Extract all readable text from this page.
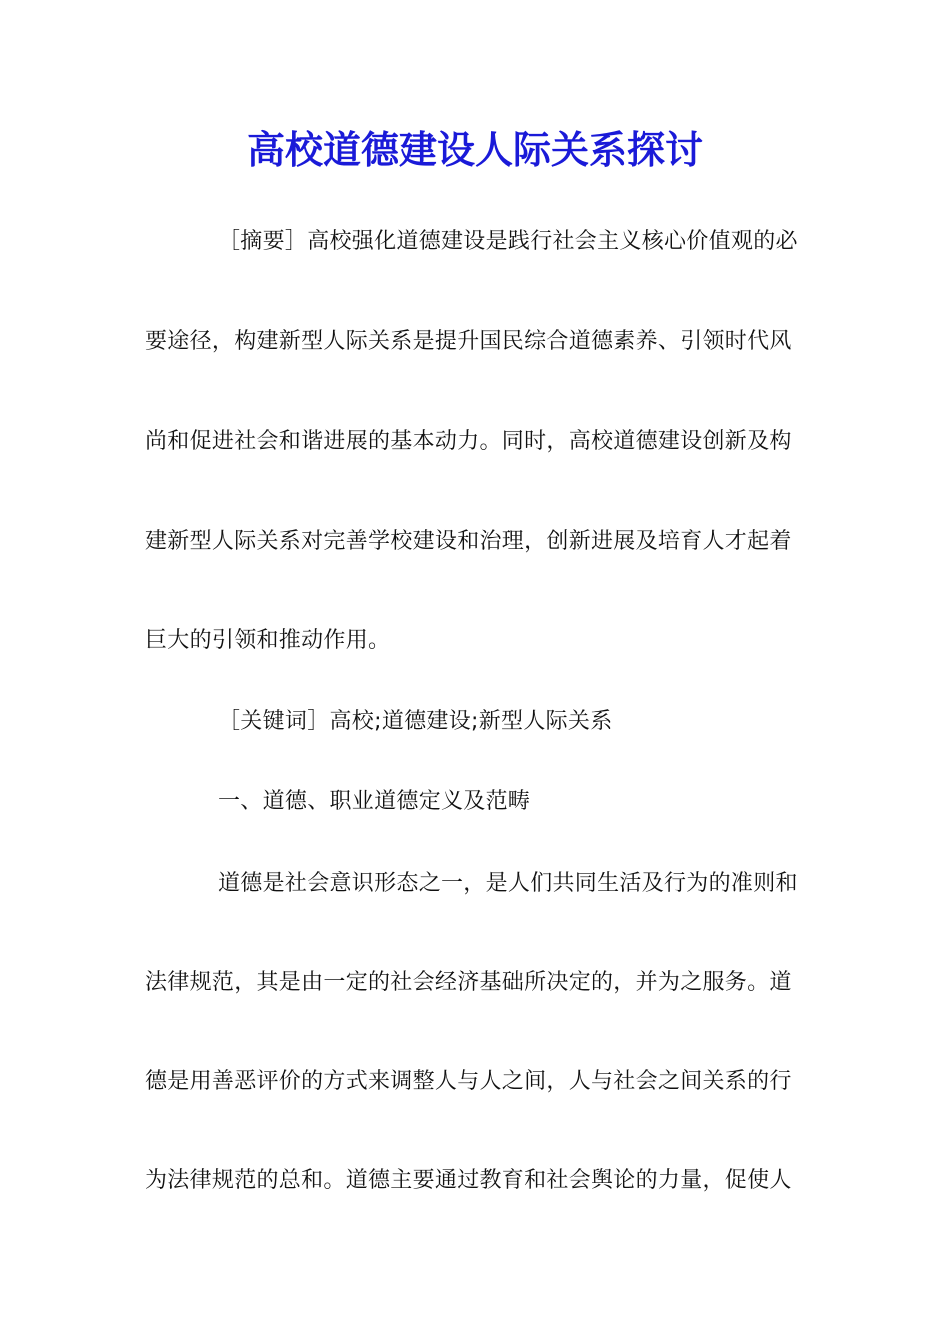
高校道德建设人际关系探讨

［摘要］高校强化道德建设是践行社会主义核心价值观的必

要途径，构建新型人际关系是提升国民综合道德素养、引领时代风

尚和促进社会和谐进展的基本动力。同时，高校道德建设创新及构

建新型人际关系对完善学校建设和治理，创新进展及培育人才起着

巨大的引领和推动作用。

［关键词］高校;道德建设;新型人际关系

一、道德、职业道德定义及范畴

道德是社会意识形态之一，是人们共同生活及行为的准则和

法律规范，其是由一定的社会经济基础所决定的，并为之服务。道

德是用善恶评价的方式来调整人与人之间，人与社会之间关系的行

为法律规范的总和。道德主要通过教育和社会舆论的力量，促使人
